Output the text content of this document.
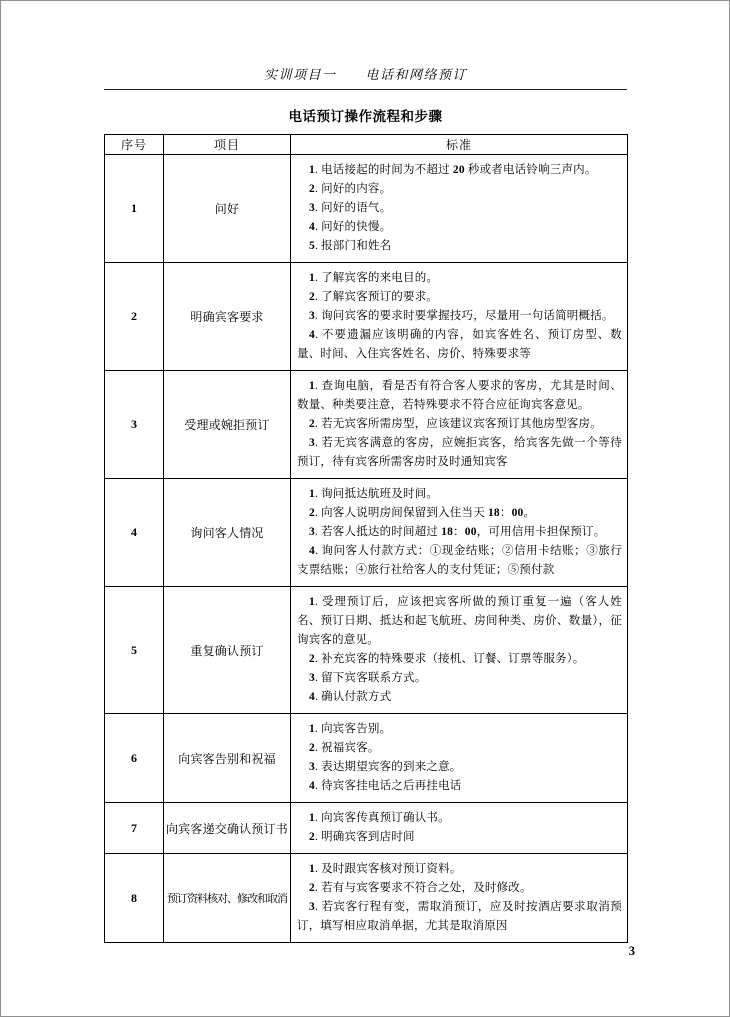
实训项目一　　电话和网络预订
电话预订操作流程和步骤
序号	项目	标准
1	问好	1. 电话接起的时间为不超过 20 秒或者电话铃响三声内。

2. 问好的内容。

3. 问好的语气。

4. 问好的快慢。

5. 报部门和姓名

2	明确宾客要求	1. 了解宾客的来电目的。

2. 了解宾客预订的要求。

3. 询问宾客的要求时要掌握技巧，尽量用一句话简明概括。

4. 不要遗漏应该明确的内容，如宾客姓名、预订房型、数量、时间、入住宾客姓名、房价、特殊要求等

3	受理或婉拒预订	1. 查询电脑，看是否有符合客人要求的客房，尤其是时间、数量、种类要注意，若特殊要求不符合应征询宾客意见。

2. 若无宾客所需房型，应该建议宾客预订其他房型客房。

3. 若无宾客满意的客房，应婉拒宾客，给宾客先做一个等待预订，待有宾客所需客房时及时通知宾客

4	询问客人情况	1. 询问抵达航班及时间。

2. 向客人说明房间保留到入住当天 18：00。

3. 若客人抵达的时间超过 18：00，可用信用卡担保预订。

4. 询问客人付款方式：①现金结账；②信用卡结账；③旅行支票结账；④旅行社给客人的支付凭证；⑤预付款

5	重复确认预订	1. 受理预订后，应该把宾客所做的预订重复一遍（客人姓名、预订日期、抵达和起飞航班、房间种类、房价、数量），征询宾客的意见。

2. 补充宾客的特殊要求（接机、订餐、订票等服务）。

3. 留下宾客联系方式。

4. 确认付款方式

6	向宾客告别和祝福	1. 向宾客告别。

2. 祝福宾客。

3. 表达期望宾客的到来之意。

4. 待宾客挂电话之后再挂电话

7	向宾客递交确认预订书	1. 向宾客传真预订确认书。

2. 明确宾客到店时间

8	预订资料核对、修改和取消	1. 及时跟宾客核对预订资料。

2. 若有与宾客要求不符合之处，及时修改。

3. 若宾客行程有变，需取消预订，应及时按酒店要求取消预订，填写相应取消单据，尤其是取消原因

3
